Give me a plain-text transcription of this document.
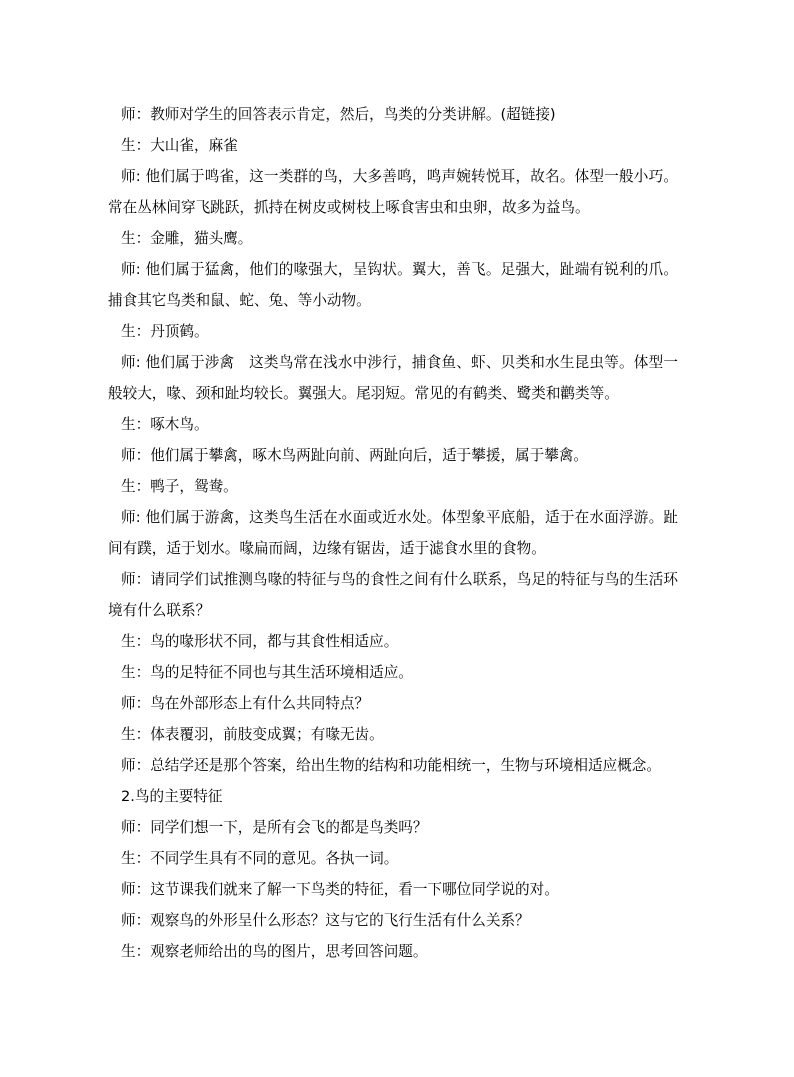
师：教师对学生的回答表示肯定，然后，鸟类的分类讲解。(超链接)

生：大山雀，麻雀

师: 他们属于鸣雀，这一类群的鸟，大多善鸣，鸣声婉转悦耳，故名。体型一般小巧。常在丛林间穿飞跳跃，抓持在树皮或树枝上啄食害虫和虫卵，故多为益鸟。

生：金雕，猫头鹰。

师: 他们属于猛禽，他们的喙强大，呈钩状。翼大，善飞。足强大，趾端有锐利的爪。捕食其它鸟类和鼠、蛇、兔、等小动物。

生：丹顶鹤。

师: 他们属于涉禽　这类鸟常在浅水中涉行，捕食鱼、虾、贝类和水生昆虫等。体型一般较大，喙、颈和趾均较长。翼强大。尾羽短。常见的有鹤类、鹭类和鹳类等。

生：啄木鸟。

师：他们属于攀禽，啄木鸟两趾向前、两趾向后，适于攀援，属于攀禽。

生：鸭子，鸳鸯。

师: 他们属于游禽，这类鸟生活在水面或近水处。体型象平底船，适于在水面浮游。趾间有蹼，适于划水。喙扁而阔，边缘有锯齿，适于滤食水里的食物。

师：请同学们试推测鸟喙的特征与鸟的食性之间有什么联系，鸟足的特征与鸟的生活环境有什么联系？

生：鸟的喙形状不同，都与其食性相适应。

生：鸟的足特征不同也与其生活环境相适应。

师：鸟在外部形态上有什么共同特点？

生：体表覆羽，前肢变成翼；有喙无齿。

师：总结学还是那个答案，给出生物的结构和功能相统一，生物与环境相适应概念。

2.鸟的主要特征

师：同学们想一下，是所有会飞的都是鸟类吗？

生：不同学生具有不同的意见。各执一词。

师：这节课我们就来了解一下鸟类的特征，看一下哪位同学说的对。

师：观察鸟的外形呈什么形态？这与它的飞行生活有什么关系？

生：观察老师给出的鸟的图片，思考回答问题。
